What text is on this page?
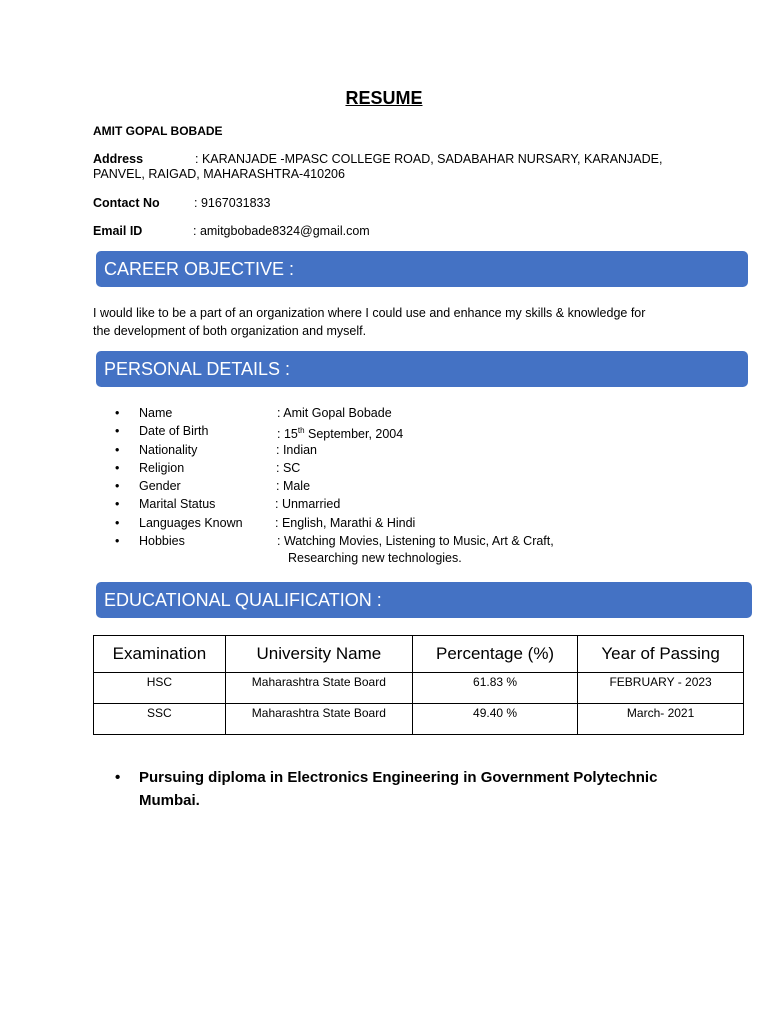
RESUME
AMIT GOPAL BOBADE
Address	: KARANJADE -MPASC COLLEGE ROAD, SADABAHAR NURSARY, KARANJADE,
PANVEL, RAIGAD, MAHARASHTRA-410206
Contact No	: 9167031833
Email ID	: amitgbobade8324@gmail.com
CAREER OBJECTIVE :
I would like to be a part of an organization where I could use and enhance my skills & knowledge for
the development of both organization and myself.
PERSONAL DETAILS :
•	Name	: Amit Gopal Bobade
•	Date of Birth	: 15th September, 2004
•	Nationality	: Indian
•	Religion	: SC
•	Gender	: Male
•	Marital Status	: Unmarried
•	Languages Known	: English, Marathi & Hindi
•	Hobbies	: Watching Movies, Listening to Music, Art & Craft,
Researching new technologies.
EDUCATIONAL QUALIFICATION :
Examination	University Name	Percentage (%)	Year of Passing
HSC	Maharashtra State Board	61.83 %	FEBRUARY - 2023
SSC	Maharashtra State Board	49.40 %	March- 2021
• Pursuing diploma in Electronics Engineering in Government Polytechnic Mumbai.
